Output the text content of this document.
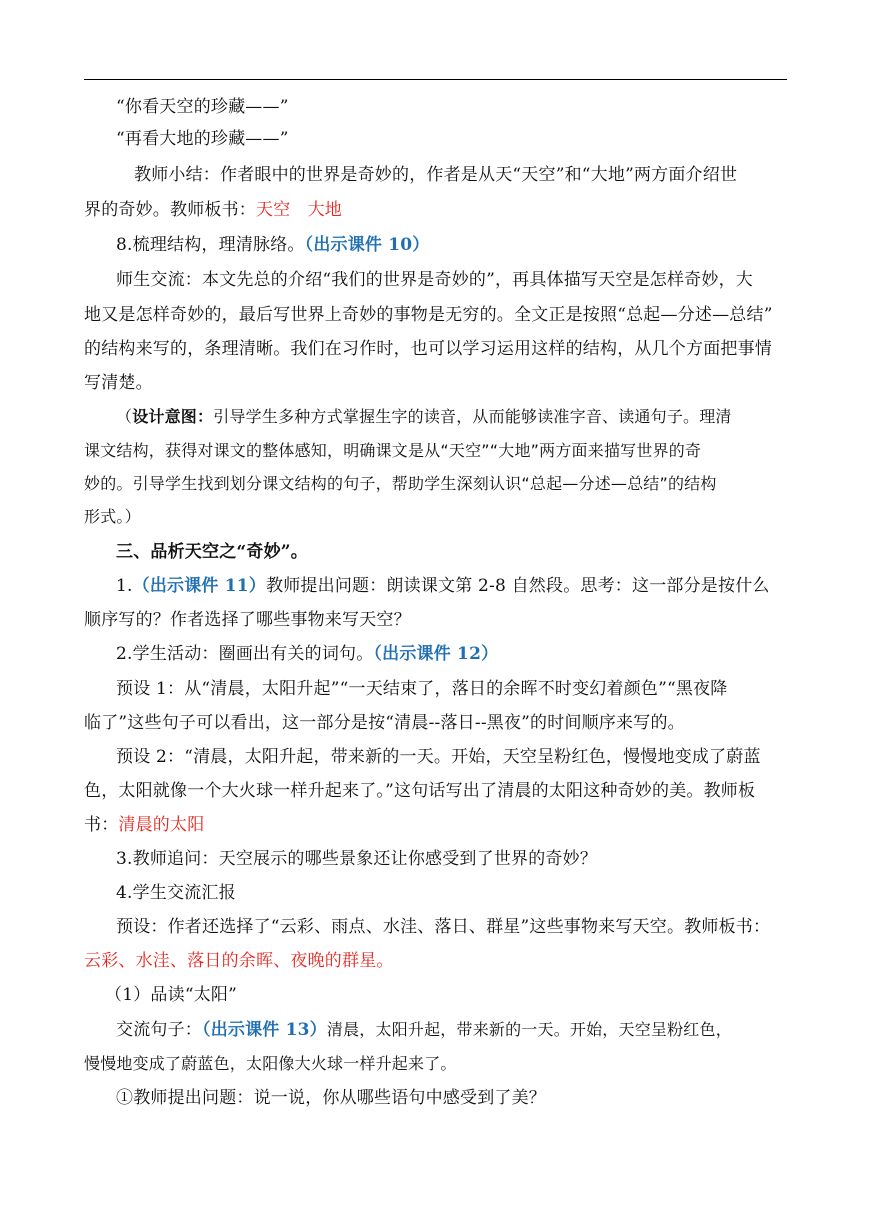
“你看天空的珍藏——”
“再看大地的珍藏——”
教师小结：作者眼中的世界是奇妙的，作者是从天“天空”和“大地”两方面介绍世
界的奇妙。教师板书：天空　大地
8.梳理结构，理清脉络。（出示课件 10）
师生交流：本文先总的介绍“我们的世界是奇妙的”，再具体描写天空是怎样奇妙，大
地又是怎样奇妙的，最后写世界上奇妙的事物是无穷的。全文正是按照“总起—分述—总结”
的结构来写的，条理清晰。我们在习作时，也可以学习运用这样的结构，从几个方面把事情
写清楚。
（设计意图：引导学生多种方式掌握生字的读音，从而能够读准字音、读通句子。理清
课文结构，获得对课文的整体感知，明确课文是从“天空”“大地”两方面来描写世界的奇
妙的。引导学生找到划分课文结构的句子，帮助学生深刻认识“总起—分述—总结”的结构
形式。）
三、品析天空之“奇妙”。
1.（出示课件 11）教师提出问题：朗读课文第 2-8 自然段。思考：这一部分是按什么
顺序写的？作者选择了哪些事物来写天空？
2.学生活动：圈画出有关的词句。（出示课件 12）
预设 1：从“清晨，太阳升起”“一天结束了，落日的余晖不时变幻着颜色”“黑夜降
临了”这些句子可以看出，这一部分是按“清晨--落日--黑夜”的时间顺序来写的。
预设 2：“清晨，太阳升起，带来新的一天。开始，天空呈粉红色，慢慢地变成了蔚蓝
色，太阳就像一个大火球一样升起来了。”这句话写出了清晨的太阳这种奇妙的美。教师板
书：清晨的太阳
3.教师追问：天空展示的哪些景象还让你感受到了世界的奇妙？
4.学生交流汇报
预设：作者还选择了“云彩、雨点、水洼、落日、群星”这些事物来写天空。教师板书：
云彩、水洼、落日的余晖、夜晚的群星。
（1）品读“太阳”
交流句子：（出示课件 13）清晨，太阳升起，带来新的一天。开始，天空呈粉红色，
慢慢地变成了蔚蓝色，太阳像大火球一样升起来了。
①教师提出问题：说一说，你从哪些语句中感受到了美？
